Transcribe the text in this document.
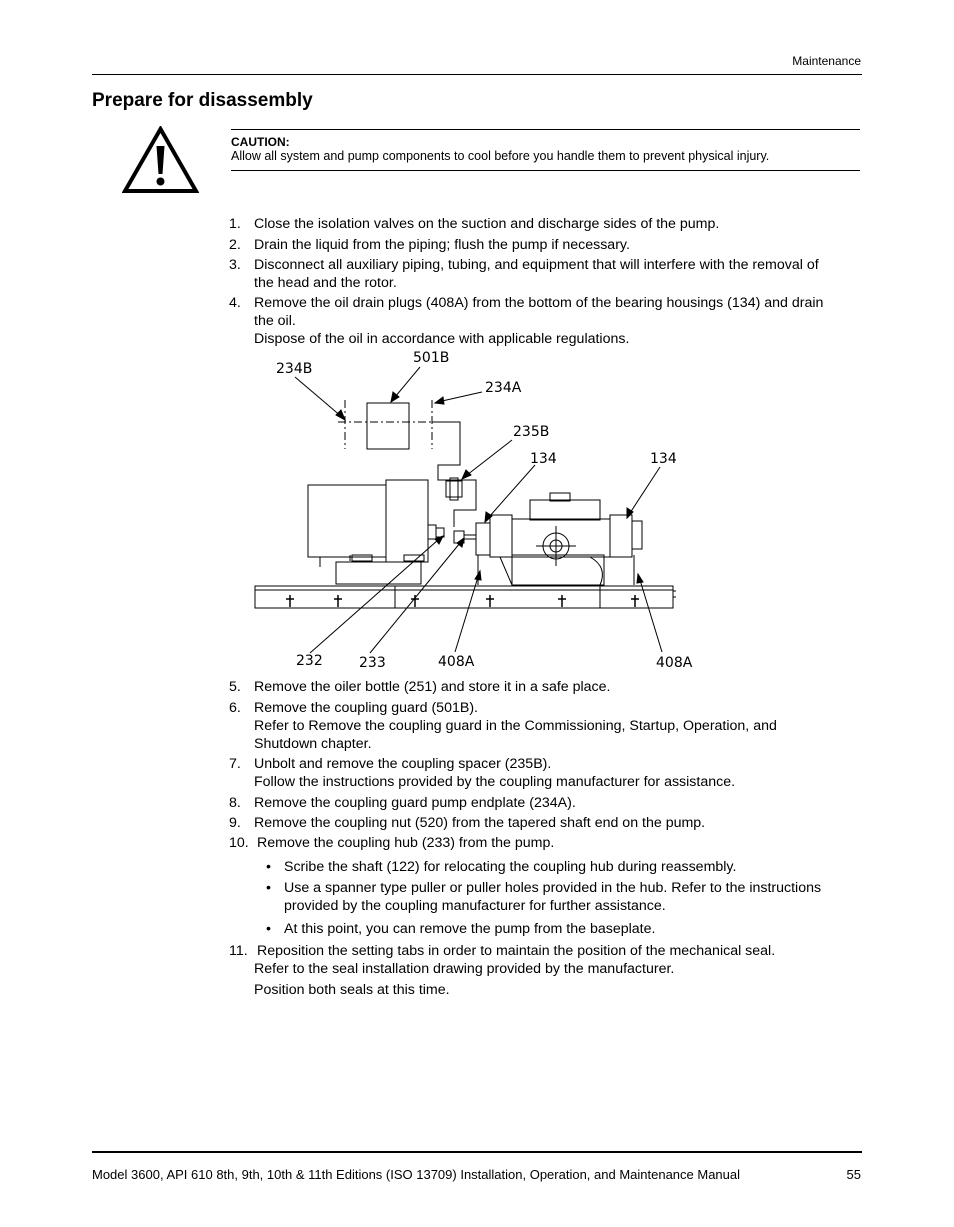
Maintenance
Prepare for disassembly
CAUTION:
Allow all system and pump components to cool before you handle them to prevent physical injury.
1. Close the isolation valves on the suction and discharge sides of the pump.
2. Drain the liquid from the piping; flush the pump if necessary.
3. Disconnect all auxiliary piping, tubing, and equipment that will interfere with the removal of
the head and the rotor.
4. Remove the oil drain plugs (408A) from the bottom of the bearing housings (134) and drain
the oil.
Dispose of the oil in accordance with applicable regulations.
234B
501B
234A
235B
134	134
232	233	408A	408A
5. Remove the oiler bottle (251) and store it in a safe place.
6. Remove the coupling guard (501B).
Refer to Remove the coupling guard in the Commissioning, Startup, Operation, and
Shutdown chapter.
7. Unbolt and remove the coupling spacer (235B).
Follow the instructions provided by the coupling manufacturer for assistance.
8. Remove the coupling guard pump endplate (234A).
9. Remove the coupling nut (520) from the tapered shaft end on the pump.
10. Remove the coupling hub (233) from the pump.
• Scribe the shaft (122) for relocating the coupling hub during reassembly.
• Use a spanner type puller or puller holes provided in the hub. Refer to the instructions
provided by the coupling manufacturer for further assistance.
• At this point, you can remove the pump from the baseplate.
11. Reposition the setting tabs in order to maintain the position of the mechanical seal.
Refer to the seal installation drawing provided by the manufacturer.
Position both seals at this time.
Model 3600, API 610 8th, 9th, 10th & 11th Editions (ISO 13709) Installation, Operation, and Maintenance Manual	55
